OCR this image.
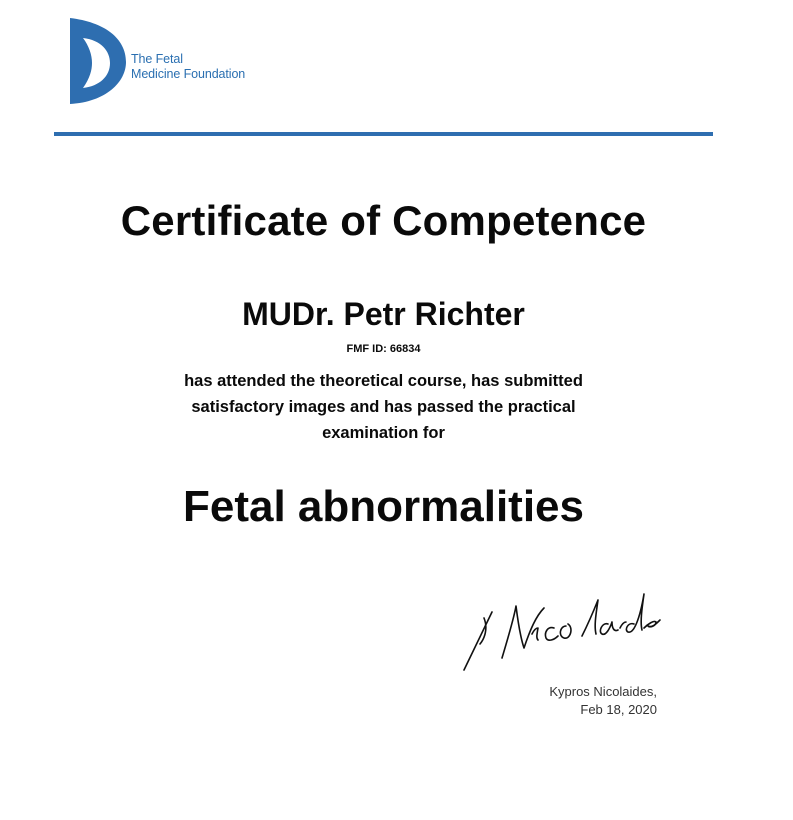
The Fetal
Medicine Foundation
Certificate of Competence
MUDr. Petr Richter
FMF ID: 66834
has attended the theoretical course, has submitted
satisfactory images and has passed the practical
examination for
Fetal abnormalities
Kypros Nicolaides,
Feb 18, 2020
